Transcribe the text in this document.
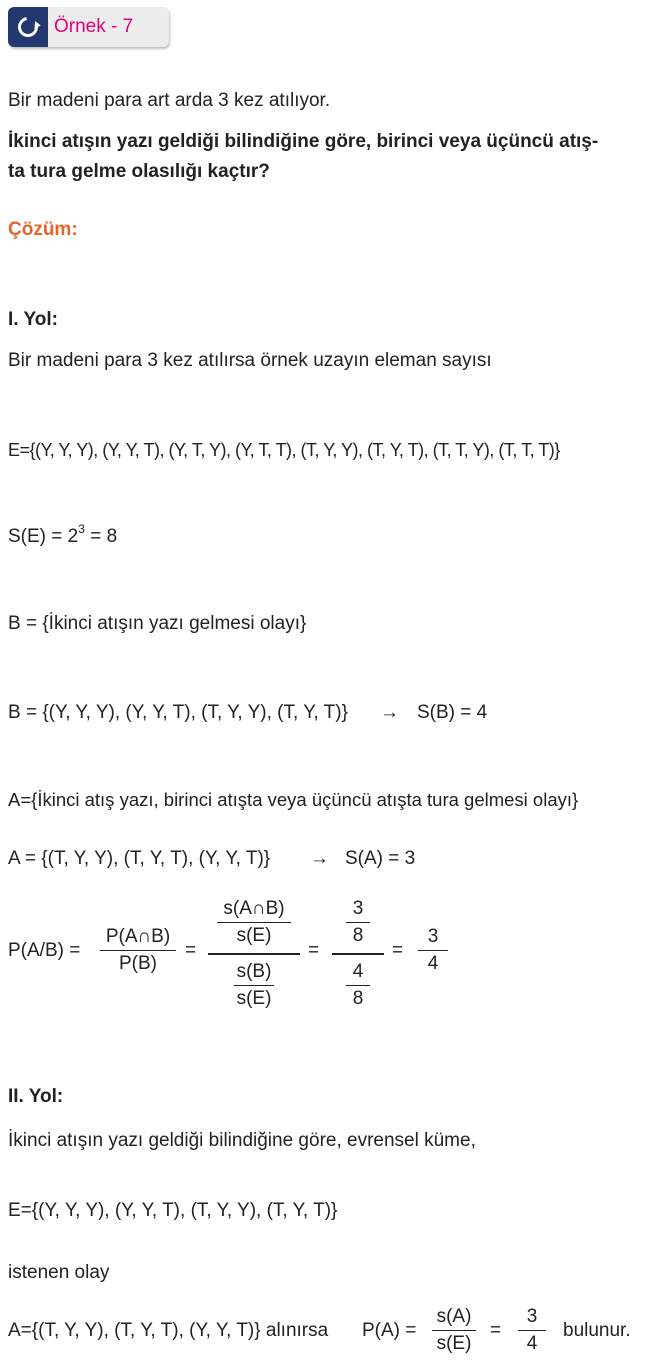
Örnek - 7
Bir madeni para art arda 3 kez atılıyor.
İkinci atışın yazı geldiği bilindiğine göre, birinci veya üçüncü atış-
ta tura gelme olasılığı kaçtır?
Çözüm:
I. Yol:
Bir madeni para 3 kez atılırsa örnek uzayın eleman sayısı
E={(Y, Y, Y), (Y, Y, T), (Y, T, Y), (Y, T, T), (T, Y, Y), (T, Y, T), (T, T, Y), (T, T, T)}
$S(E) = 2^3 = 8$
B = {İkinci atışın yazı gelmesi olayı}
B = {(Y, Y, Y), (Y, Y, T), (T, Y, Y), (T, Y, T)} → S(B) = 4
A={İkinci atış yazı, birinci atışta veya üçüncü atışta tura gelmesi olayı}
A = {(T, Y, Y), (T, Y, T), (Y, Y, T)} → S(A) = 3
P(A/B) =
P(A∩B)
P(B)
=
s(A∩B)
s(E)
s(B)
s(E)
=
3
8
4
8
=
3
4
II. Yol:
İkinci atışın yazı geldiği bilindiğine göre, evrensel küme,
E={(Y, Y, Y), (Y, Y, T), (T, Y, Y), (T, Y, T)}
istenen olay
A={(T, Y, Y), (T, Y, T), (Y, Y, T)} alınırsa P(A) =
s(A)
s(E)
=
3
4
bulunur.
